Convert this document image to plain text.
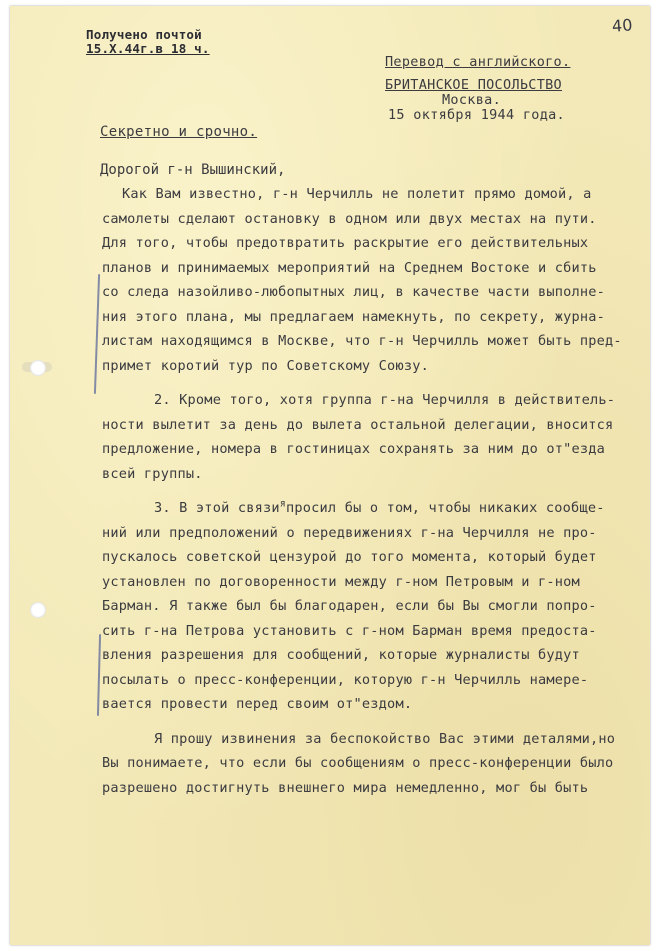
Получено почтой
15.X.44г.в 18 ч.
40
Перевод с английского.
БРИТАНСКОЕ ПОСОЛЬСТВО
Москва.
15 октября 1944 года.
Секретно и срочно.
Дорогой г-н Вышинский,
Как Вам известно, г-н Черчилль не полетит прямо домой, а
самолеты сделают остановку в одном или двух местах на пути.
Для того, чтобы предотвратить раскрытие его действительных
планов и принимаемых мероприятий на Среднем Востоке и сбить
со следа назойливо-любопытных лиц, в качестве части выполне-
ния этого плана, мы предлагаем намекнуть, по секрету, журна-
листам находящимся в Москве, что г-н Черчилль может быть пред-
примет коротий тур по Советскому Союзу.
2. Кроме того, хотя группа г-на Черчилля в действитель-
ности вылетит за день до вылета остальной делегации, вносится
предложение, номера в гостиницах сохранять за ним до от"езда
всей группы.
3. В этой связи$^я$просил бы о том, чтобы никаких сообще-
ний или предположений о передвижениях г-на Черчилля не про-
пускалось советской цензурой до того момента, который будет
установлен по договоренности между г-ном Петровым и г-ном
Барман. Я также был бы благодарен, если бы Вы смогли попро-
сить г-на Петрова установить с г-ном Барман время предоста-
вления разрешения для сообщений, которые журналисты будут
посылать о пресс-конференции, которую г-н Черчилль намере-
вается провести перед своим от"ездом.
Я прошу извинения за беспокойство Вас этими деталями,но
Вы понимаете, что если бы сообщениям о пресс-конференции было
разрешено достигнуть внешнего мира немедленно, мог бы быть
